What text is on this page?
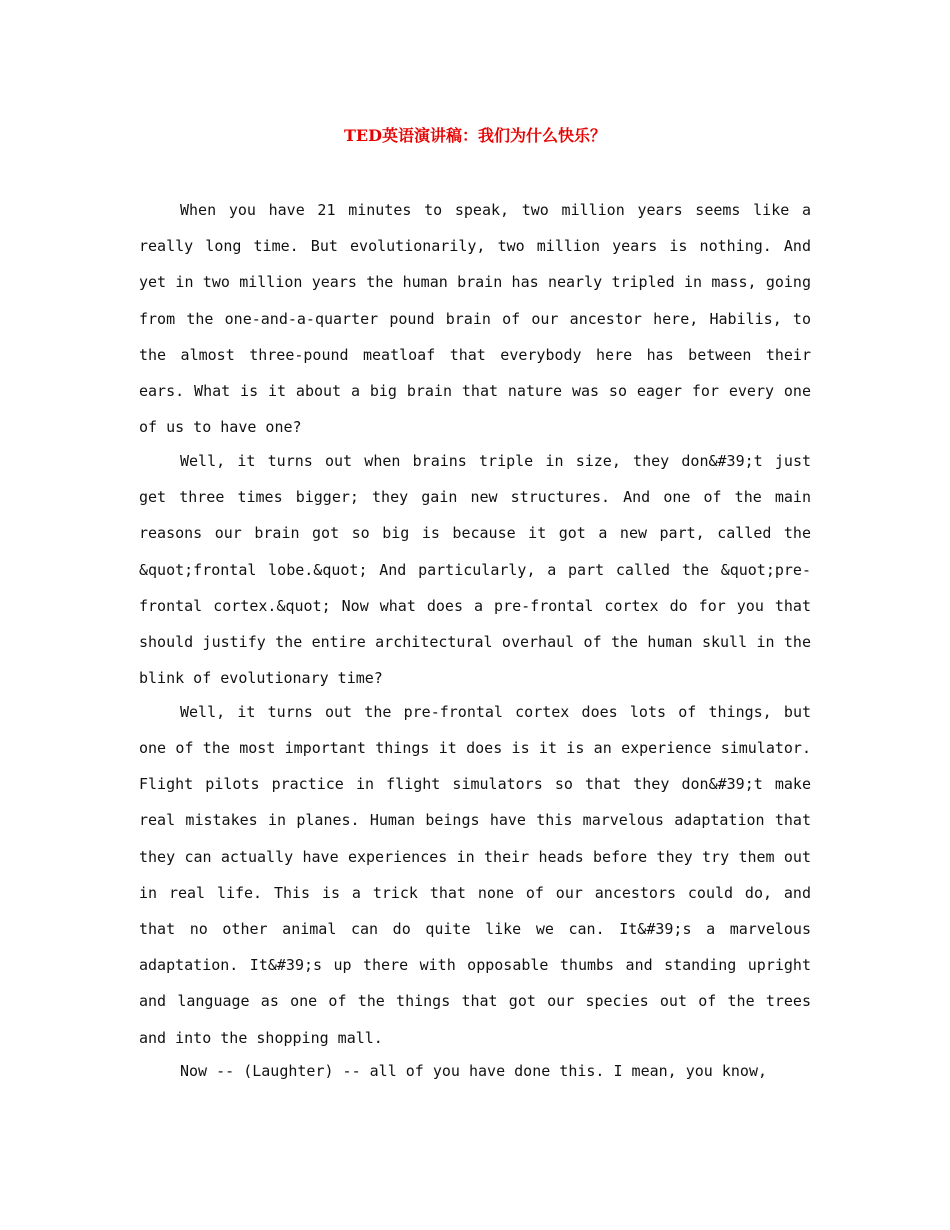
TED英语演讲稿：我们为什么快乐？

When you have 21 minutes to speak, two million years seems like a really long time. But evolutionarily, two million years is nothing. And yet in two million years the human brain has nearly tripled in mass, going from the one-and-a-quarter pound brain of our ancestor here, Habilis, to the almost three-pound meatloaf that everybody here has between their ears. What is it about a big brain that nature was so eager for every one of us to have one?

Well, it turns out when brains triple in size, they don&#39;t just get three times bigger; they gain new structures. And one of the main reasons our brain got so big is because it got a new part, called the &quot;frontal lobe.&quot; And particularly, a part called the &quot;pre-frontal cortex.&quot; Now what does a pre-frontal cortex do for you that should justify the entire architectural overhaul of the human skull in the blink of evolutionary time?

Well, it turns out the pre-frontal cortex does lots of things, but one of the most important things it does is it is an experience simulator. Flight pilots practice in flight simulators so that they don&#39;t make real mistakes in planes. Human beings have this marvelous adaptation that they can actually have experiences in their heads before they try them out in real life. This is a trick that none of our ancestors could do, and that no other animal can do quite like we can. It&#39;s a marvelous adaptation. It&#39;s up there with opposable thumbs and standing upright and language as one of the things that got our species out of the trees and into the shopping mall.

Now -- (Laughter) -- all of you have done this. I mean, you know,
